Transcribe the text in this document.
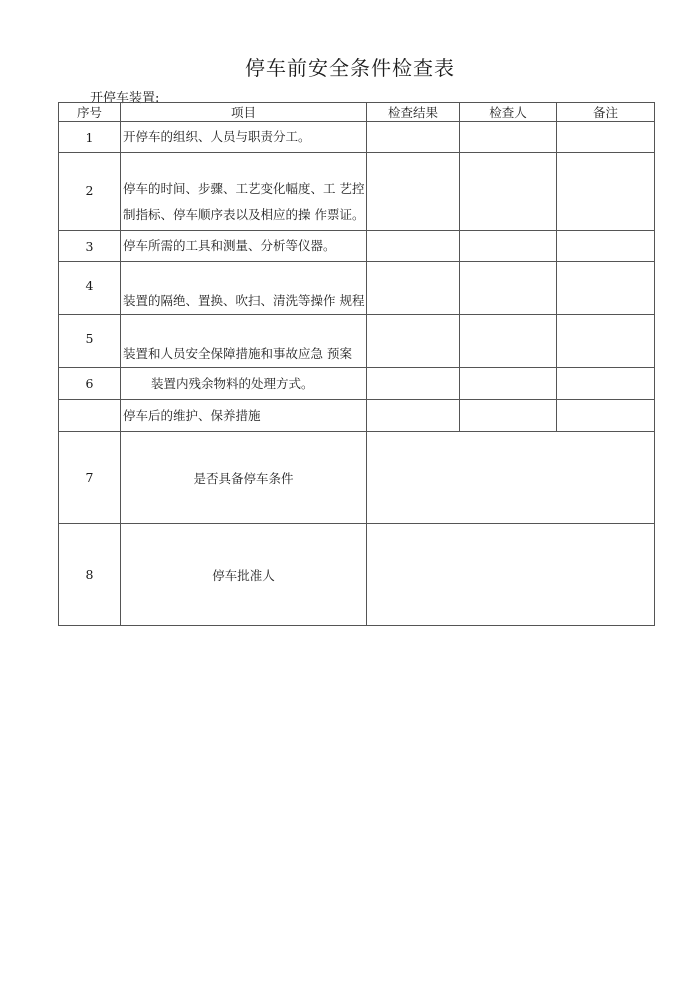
停车前安全条件检查表
开停车装置:
序号	项目	检查结果	检查人	备注
1	开停车的组织、人员与职责分工。			
2	停车的时间、步骤、工艺变化幅度、工 艺控
制指标、停车顺序表以及相应的操 作票证。			

3	停车所需的工具和测量、分析等仪器。			
4	装置的隔绝、置换、吹扫、清洗等操作 规程			
5	装置和人员安全保障措施和事故应急 预案			
6	装置内残余物料的处理方式。			
	停车后的维护、保养措施			
7	是否具备停车条件			
8	停车批准人			
